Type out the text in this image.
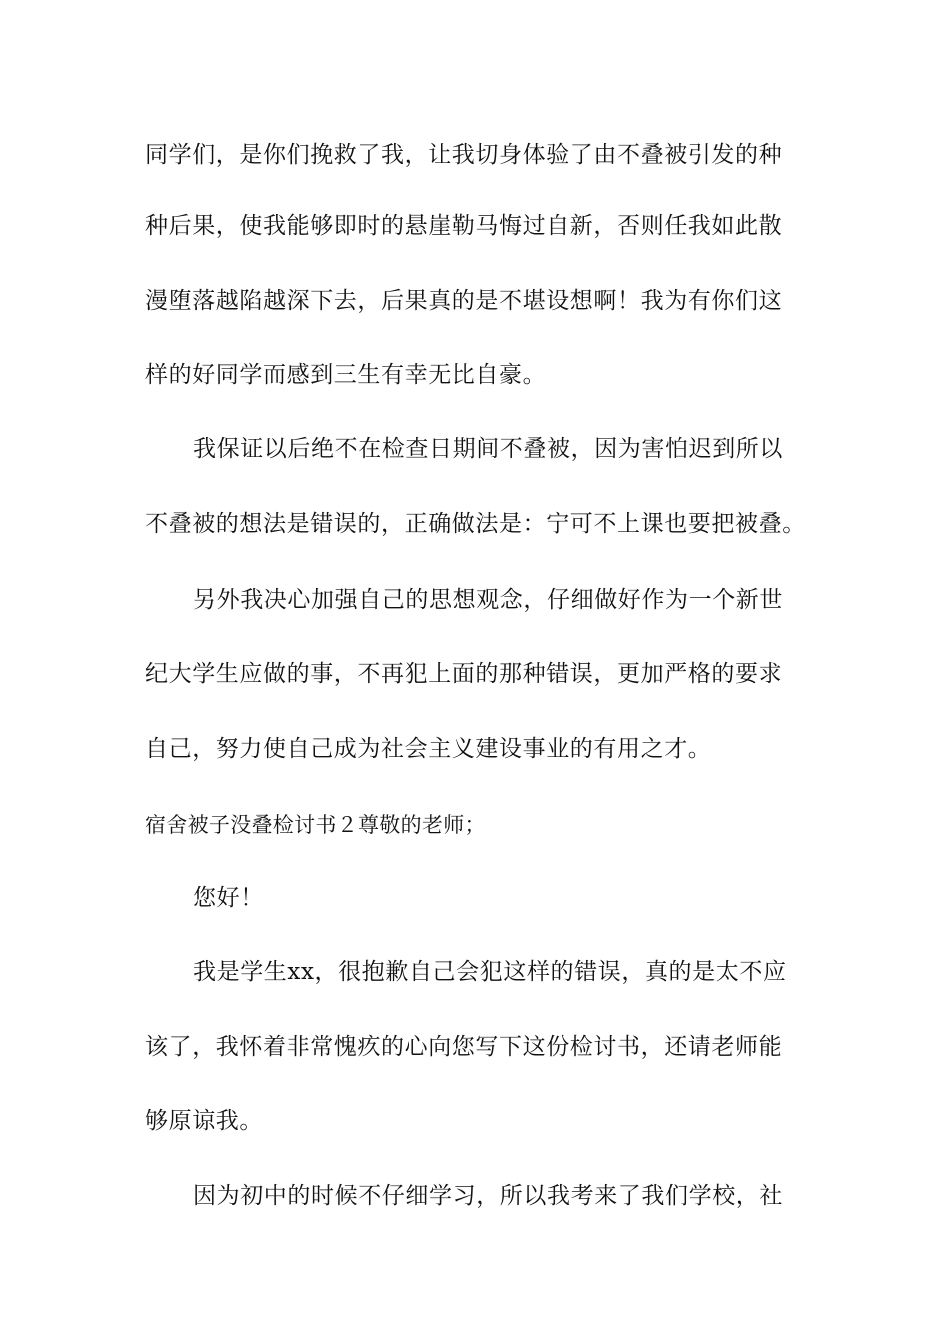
同学们，是你们挽救了我，让我切身体验了由不叠被引发的种
种后果，使我能够即时的悬崖勒马悔过自新，否则任我如此散
漫堕落越陷越深下去，后果真的是不堪设想啊！我为有你们这
样的好同学而感到三生有幸无比自豪。
我保证以后绝不在检查日期间不叠被，因为害怕迟到所以
不叠被的想法是错误的，正确做法是：宁可不上课也要把被叠。
另外我决心加强自己的思想观念，仔细做好作为一个新世
纪大学生应做的事，不再犯上面的那种错误，更加严格的要求
自己，努力使自己成为社会主义建设事业的有用之才。
宿舍被子没叠检讨书２尊敬的老师；
您好！
我是学生xx，很抱歉自己会犯这样的错误，真的是太不应
该了，我怀着非常愧疚的心向您写下这份检讨书，还请老师能
够原谅我。
因为初中的时候不仔细学习，所以我考来了我们学校，社
